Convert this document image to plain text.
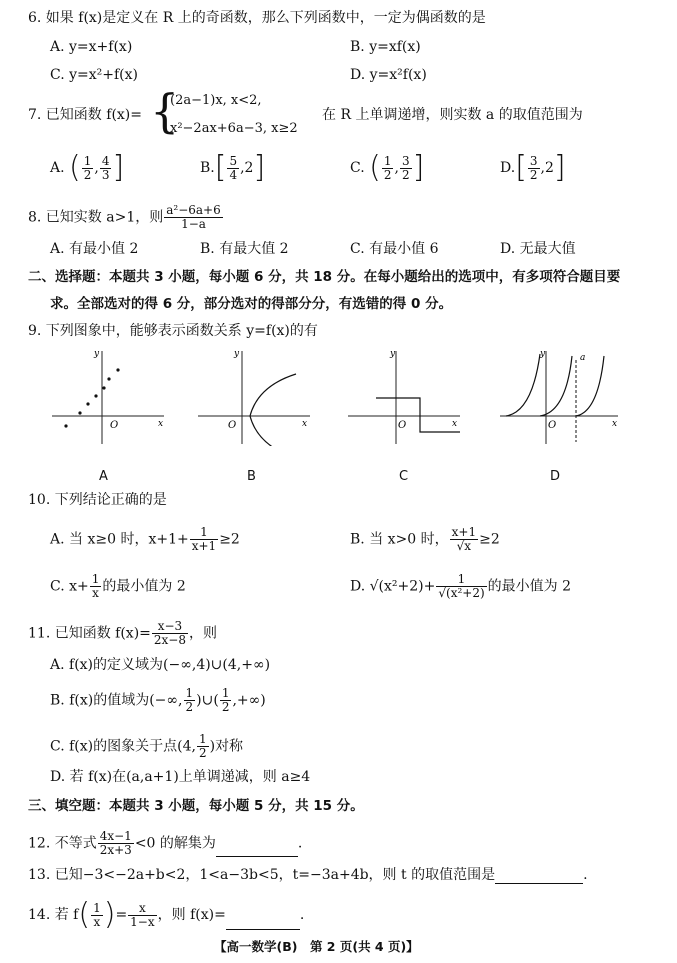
6. 如果 f(x)是定义在 R 上的奇函数，那么下列函数中，一定为偶函数的是
A. y=x+f(x)	B. y=xf(x)
C. y=x²+f(x)	D. y=x²f(x)
7. 已知函数 f(x)= {
(2a−1)x, x<2,
x²−2ax+6a−3, x≥2
在 R 上单调递增，则实数 a 的取值范围为
A. ( $\frac{1}{2}$ , $\frac{4}{3}$ ]	$B.[ \frac{5}{4} ,2]$	C. ( $\frac{1}{2}$ , $\frac{3}{2}$ ]	$D.[ \frac{3}{2} ,2]$
8. 已知实数 a>1，则 $\frac{\text{a²−6a+6}}{1-a}$
A. 有最小值 2	B. 有最大值 2	C. 有最小值 6	D. 无最大值
二、选择题：本题共 3 小题，每小题 6 分，共 18 分。在每小题给出的选项中，有多项符合题目要
求。全部选对的得 6 分，部分选对的得部分分，有选错的得 0 分。
9. 下列图象中，能够表示函数关系 y=f(x)的有
O	x
y
A
O	x
y
B
O	x
y
C
O
a
x
y
D
10. 下列结论正确的是
A. 当 x≥0 时，$x+1+ \frac{1}{x+1} \ge 2$	B. 当 x>0 时， $\frac{x+1}{√x} \ge 2$
C. $x+ \frac{1}{x}$ 的最小值为 2	D. $√(x^2+2)+ \frac{1}{\text{√(x²+2)}}$ 的最小值为 2
11. 已知函数 $f(x)= \frac{x-3}{2x-8}$ ，则
A. f(x)的定义域为(−∞,4)∪(4,+∞)
B. f(x)的值域为(−∞, $\frac{1}{2}$ )∪( $\frac{1}{2}$ ,+∞)
C. f(x)的图象关于点(4, $\frac{1}{2}$ )对称
D. 若 f(x)在(a,a+1)上单调递减，则 a≥4
三、填空题：本题共 3 小题，每小题 5 分，共 15 分。
12. 不等式 $\frac{4x-1}{2x+3} <0$ 的解集为	.
13. 已知−3<−2a+b<2，1<a−3b<5，t=−3a+4b，则 t 的取值范围是	.
14. 若 $f( \frac{1}{x}$ )= $\frac{x}{1-x}$ ，则 f(x)=	.
【高一数学(B)　第 2 页(共 4 页)】
